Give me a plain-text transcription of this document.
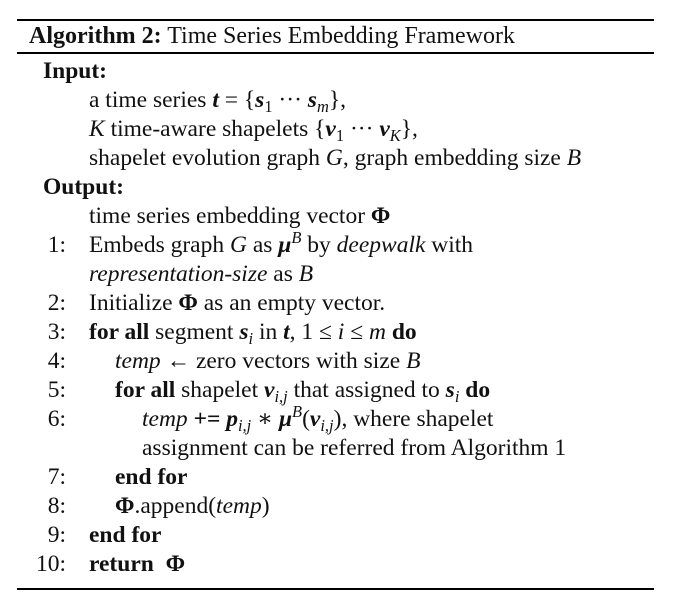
Algorithm 2: Time Series Embedding Framework
Input:
a time series $t = \{s_1$ ··· $s_m$},
K time-aware shapelets {$v_1$ ··· $v_K$},
shapelet evolution graph G, graph embedding size B
Output:
time series embedding vector Φ
1: Embeds graph G as $\mu^B$ by deepwalk with
representation-size as B
2: Initialize Φ as an empty vector.
3: for all segment $s_i$ in t, 1 ≤ i ≤ m do
4: temp ← zero vectors with size B
5: for all shapelet $v_{i,j}$ that assigned to $s_i$ do
6:	temp += $p_{i,j}$ ∗ $\mu^B(v_{i,j})$, where shapelet
assignment can be referred from Algorithm 1
7: end for
8: Φ.append(temp)
9: end for
10: return Φ
